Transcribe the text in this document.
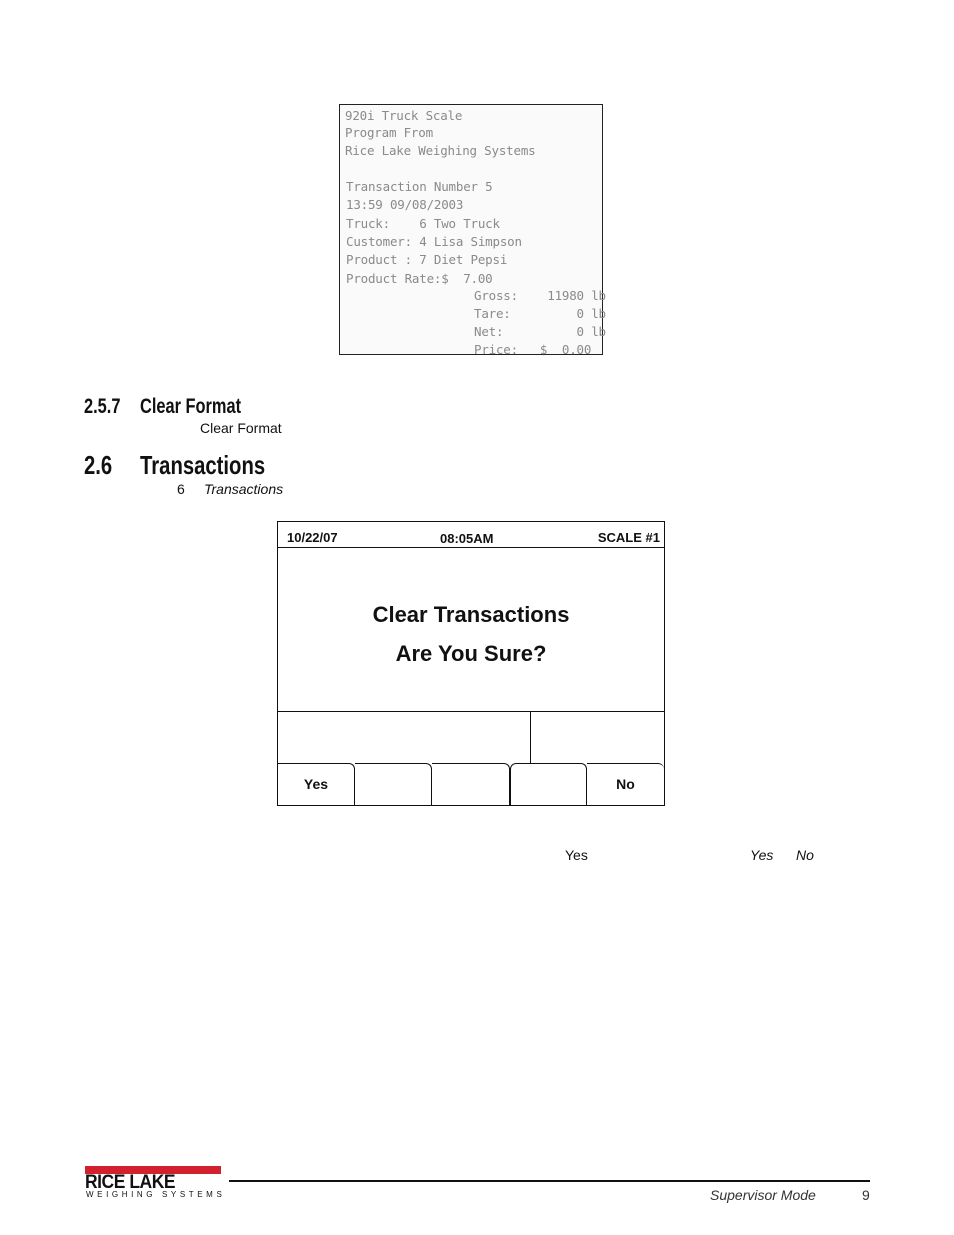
920i Truck Scale
Program From
Rice Lake Weighing Systems
Transaction Number 5
13:59 09/08/2003
Truck:    6 Two Truck
Customer: 4 Lisa Simpson
Product : 7 Diet Pepsi
Product Rate:$  7.00
Gross:    11980 lb
Tare:         0 lb
Net:          0 lb
Price:   $  0.00
2.5.7 Clear Format
Clear Format
2.6 Transactions
6 Transactions
10/22/07	08:05AM	SCALE #1
Clear Transactions
Are You Sure?
Yes	No
Yes	Yes No
RICE LAKE
WEIGHING SYSTEMS	Supervisor Mode	9
